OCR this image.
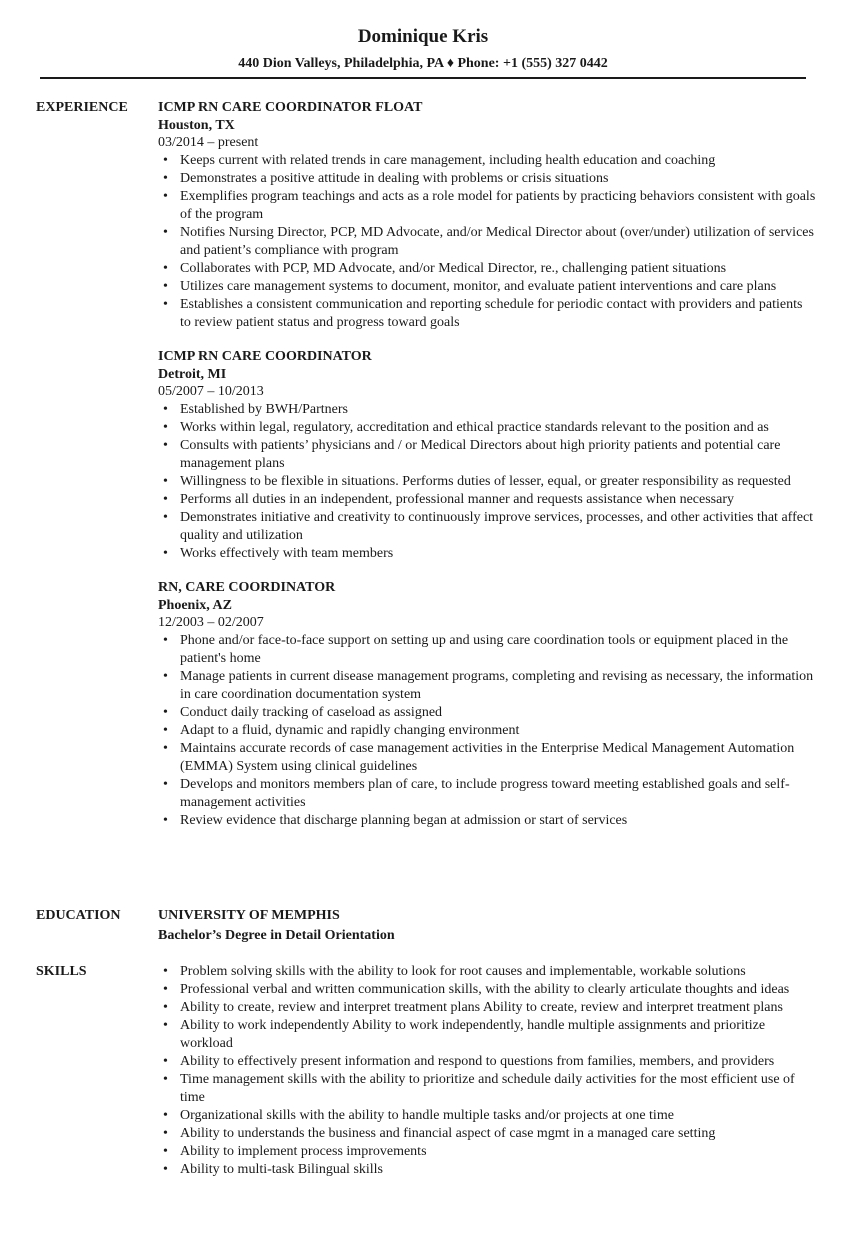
Dominique Kris
440 Dion Valleys, Philadelphia, PA ♦ Phone: +1 (555) 327 0442
EXPERIENCE ICMP RN CARE COORDINATOR FLOAT
Houston, TX
03/2014 – present
• Keeps current with related trends in care management, including health education and coaching
• Demonstrates a positive attitude in dealing with problems or crisis situations
• Exemplifies program teachings and acts as a role model for patients by practicing behaviors consistent with goals of the program
• Notifies Nursing Director, PCP, MD Advocate, and/or Medical Director about (over/under) utilization of services and patient’s compliance with program
• Collaborates with PCP, MD Advocate, and/or Medical Director, re., challenging patient situations
• Utilizes care management systems to document, monitor, and evaluate patient interventions and care plans
• Establishes a consistent communication and reporting schedule for periodic contact with providers and patients to review patient status and progress toward goals
ICMP RN CARE COORDINATOR
Detroit, MI
05/2007 – 10/2013
• Established by BWH/Partners
• Works within legal, regulatory, accreditation and ethical practice standards relevant to the position and as
• Consults with patients’ physicians and / or Medical Directors about high priority patients and potential care management plans
• Willingness to be flexible in situations. Performs duties of lesser, equal, or greater responsibility as requested
• Performs all duties in an independent, professional manner and requests assistance when necessary
• Demonstrates initiative and creativity to continuously improve services, processes, and other activities that affect quality and utilization
• Works effectively with team members
RN, CARE COORDINATOR
Phoenix, AZ
12/2003 – 02/2007
• Phone and/or face-to-face support on setting up and using care coordination tools or equipment placed in the patient's home
• Manage patients in current disease management programs, completing and revising as necessary, the information in care coordination documentation system
• Conduct daily tracking of caseload as assigned
• Adapt to a fluid, dynamic and rapidly changing environment
• Maintains accurate records of case management activities in the Enterprise Medical Management Automation (EMMA) System using clinical guidelines
• Develops and monitors members plan of care, to include progress toward meeting established goals and self-management activities
• Review evidence that discharge planning began at admission or start of services
EDUCATION	UNIVERSITY OF MEMPHIS
Bachelor’s Degree in Detail Orientation
SKILLS
•	Problem solving skills with the ability to look for root causes and implementable, workable solutions
• Professional verbal and written communication skills, with the ability to clearly articulate thoughts and ideas
• Ability to create, review and interpret treatment plans Ability to create, review and interpret treatment plans
• Ability to work independently Ability to work independently, handle multiple assignments and prioritize workload
• Ability to effectively present information and respond to questions from families, members, and providers
• Time management skills with the ability to prioritize and schedule daily activities for the most efficient use of time
• Organizational skills with the ability to handle multiple tasks and/or projects at one time
• Ability to understands the business and financial aspect of case mgmt in a managed care setting
• Ability to implement process improvements
• Ability to multi-task Bilingual skills
